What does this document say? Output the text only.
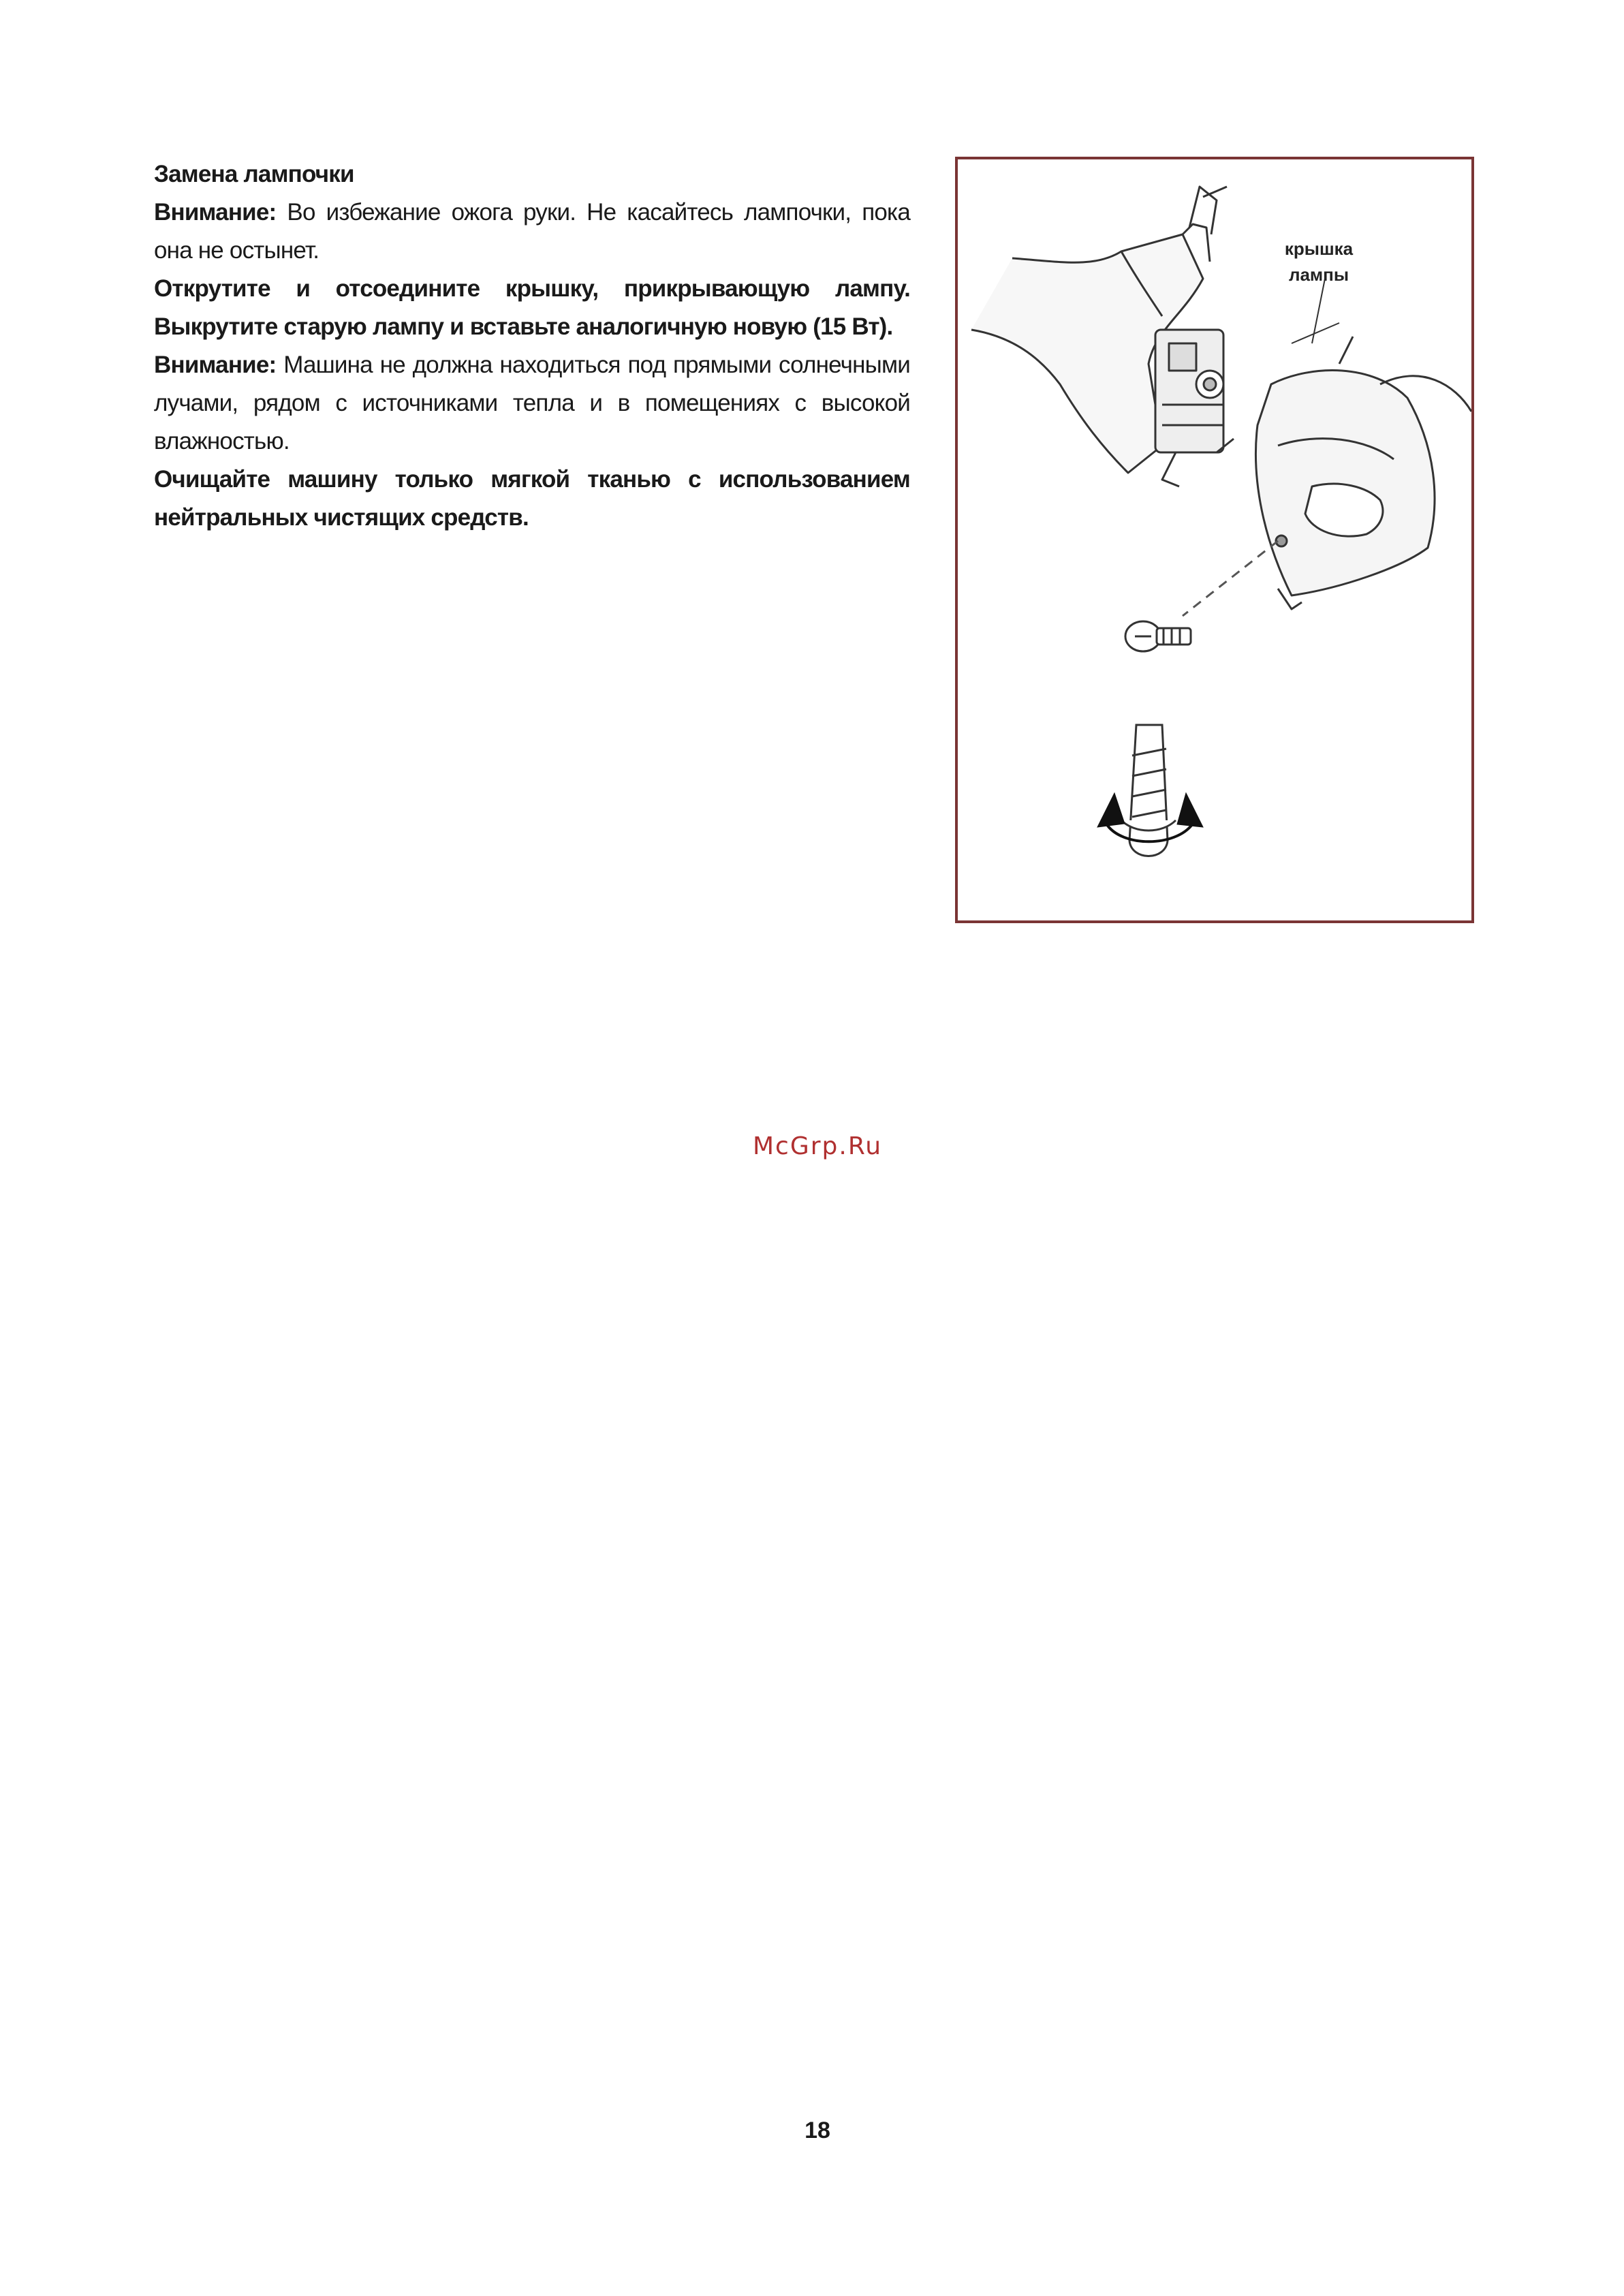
Замена лампочки

Внимание: Во избежание ожога руки. Не касайтесь лампочки, пока она не остынет.

Открутите и отсоедините крышку, прикрывающую лампу. Выкрутите старую лампу и вставьте аналогичную новую (15 Вт).

Внимание: Машина не должна находиться под прямыми солнечными лучами, рядом с источниками тепла и в помещениях с высокой влажностью.

Очищайте машину только мягкой тканью с использованием нейтральных чистящих средств.

крышка
лампы
McGrp.Ru
18
